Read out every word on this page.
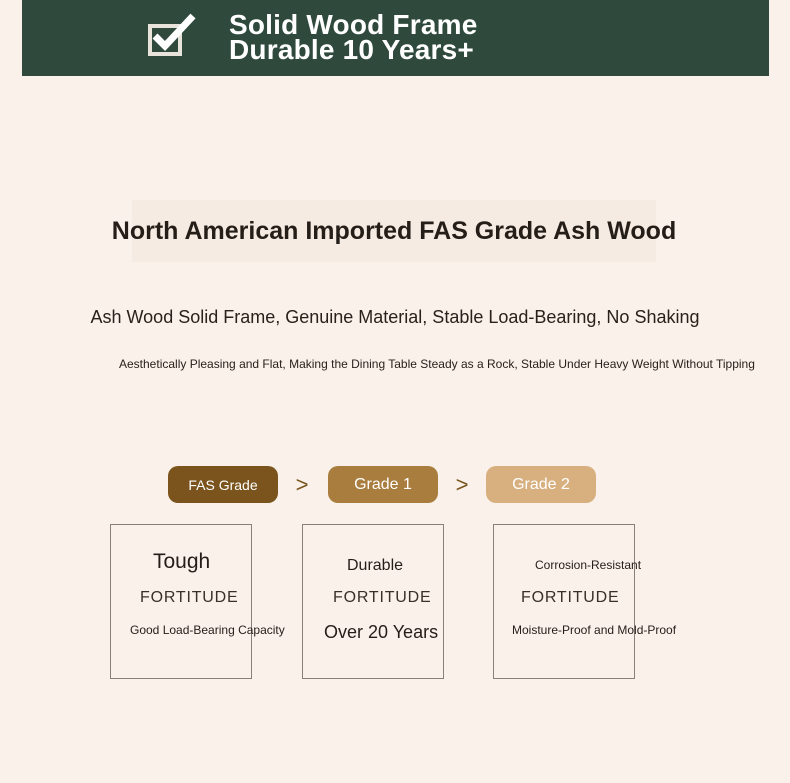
Solid Wood Frame
Durable 10 Years+
North American Imported FAS Grade Ash Wood
Ash Wood Solid Frame, Genuine Material, Stable Load-Bearing, No Shaking
Aesthetically Pleasing and Flat, Making the Dining Table Steady as a Rock, Stable Under Heavy Weight Without Tipping
FAS Grade	>	Grade 1	>	Grade 2
Tough
FORTITUDE
Good Load-Bearing Capacity
Durable
FORTITUDE
Over 20 Years
Corrosion-Resistant
FORTITUDE
Moisture-Proof and Mold-Proof
